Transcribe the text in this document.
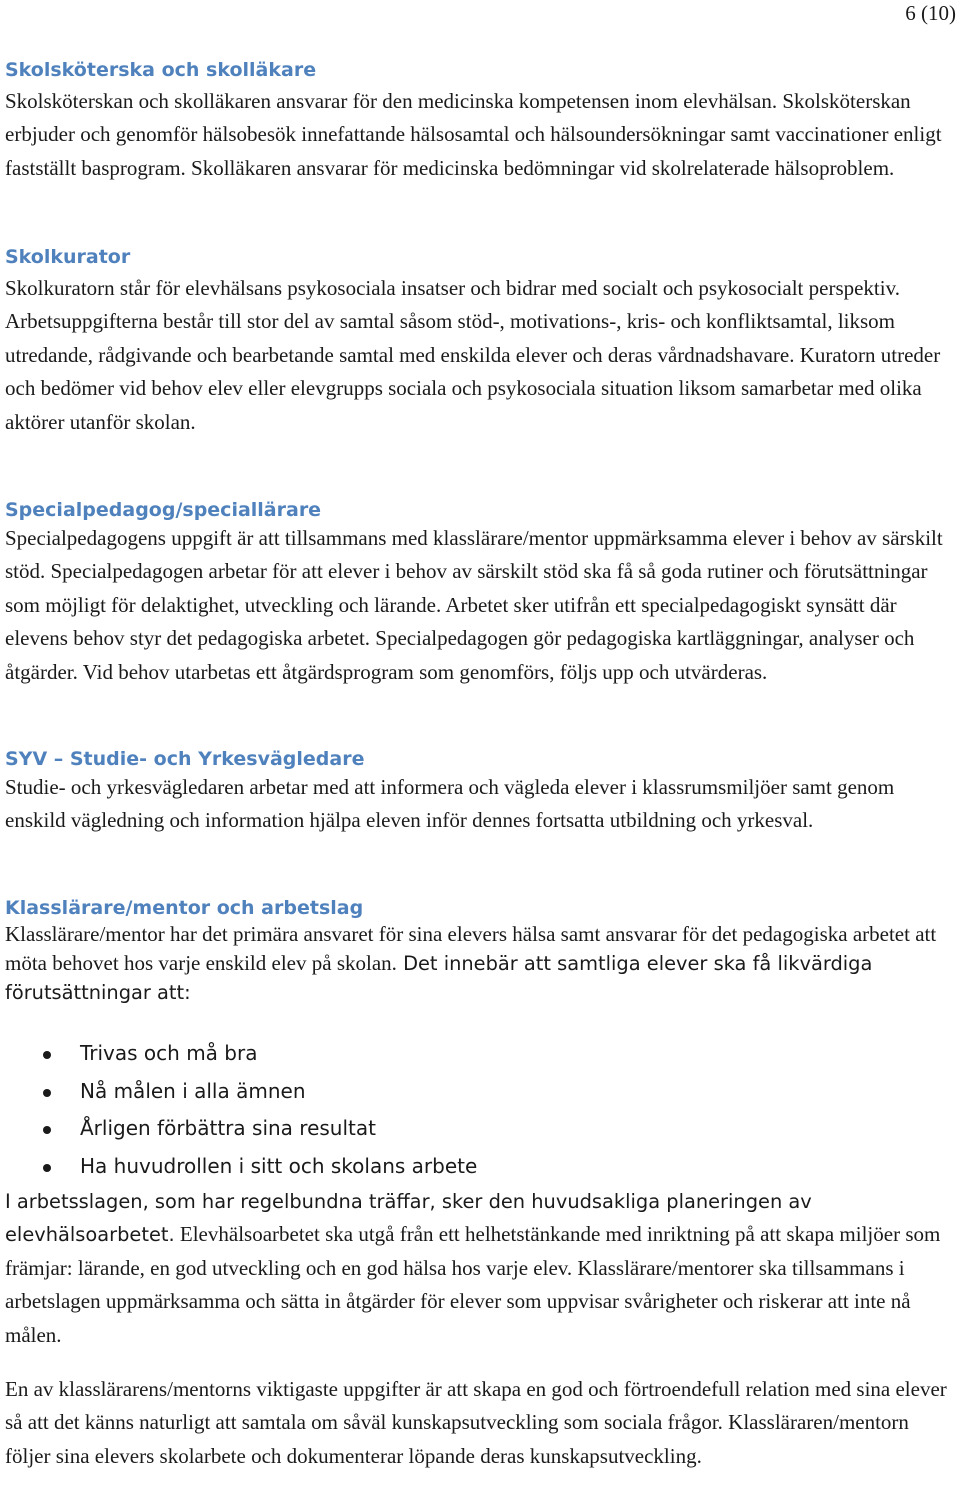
6 (10)
Skolsköterska och skolläkare

Skolsköterskan och skolläkaren ansvarar för den medicinska kompetensen inom elevhälsan. Skolsköterskan erbjuder och genomför hälsobesök innefattande hälsosamtal och hälsoundersökningar samt vaccinationer enligt fastställt basprogram. Skolläkaren ansvarar för medicinska bedömningar vid skolrelaterade hälsoproblem.

Skolkurator

Skolkuratorn står för elevhälsans psykosociala insatser och bidrar med socialt och psykosocialt perspektiv. Arbetsuppgifterna består till stor del av samtal såsom stöd-, motivations-, kris- och konfliktsamtal, liksom utredande, rådgivande och bearbetande samtal med enskilda elever och deras vårdnadshavare. Kuratorn utreder och bedömer vid behov elev eller elevgrupps sociala och psykosociala situation liksom samarbetar med olika aktörer utanför skolan.

Specialpedagog/speciallärare

Specialpedagogens uppgift är att tillsammans med klasslärare/mentor uppmärksamma elever i behov av särskilt stöd. Specialpedagogen arbetar för att elever i behov av särskilt stöd ska få så goda rutiner och förutsättningar som möjligt för delaktighet, utveckling och lärande. Arbetet sker utifrån ett specialpedagogiskt synsätt där elevens behov styr det pedagogiska arbetet. Specialpedagogen gör pedagogiska kartläggningar, analyser och åtgärder. Vid behov utarbetas ett åtgärdsprogram som genomförs, följs upp och utvärderas.

SYV – Studie- och Yrkesvägledare

Studie- och yrkesvägledaren arbetar med att informera och vägleda elever i klassrumsmiljöer samt genom enskild vägledning och information hjälpa eleven inför dennes fortsatta utbildning och yrkesval.

Klasslärare/mentor och arbetslag

Klasslärare/mentor har det primära ansvaret för sina elevers hälsa samt ansvarar för det pedagogiska arbetet att möta behovet hos varje enskild elev på skolan. Det innebär att samtliga elever ska få likvärdiga förutsättningar att:

Trivas och må bra
Nå målen i alla ämnen
Årligen förbättra sina resultat
Ha huvudrollen i sitt och skolans arbete

I arbetsslagen, som har regelbundna träffar, sker den huvudsakliga planeringen av elevhälsoarbetet. Elevhälsoarbetet ska utgå från ett helhetstänkande med inriktning på att skapa miljöer som främjar: lärande, en god utveckling och en god hälsa hos varje elev. Klasslärare/mentorer ska tillsammans i arbetslagen uppmärksamma och sätta in åtgärder för elever som uppvisar svårigheter och riskerar att inte nå målen.

En av klasslärarens/mentorns viktigaste uppgifter är att skapa en god och förtroendefull relation med sina elever så att det känns naturligt att samtala om såväl kunskapsutveckling som sociala frågor. Klassläraren/mentorn följer sina elevers skolarbete och dokumenterar löpande deras kunskapsutveckling.
